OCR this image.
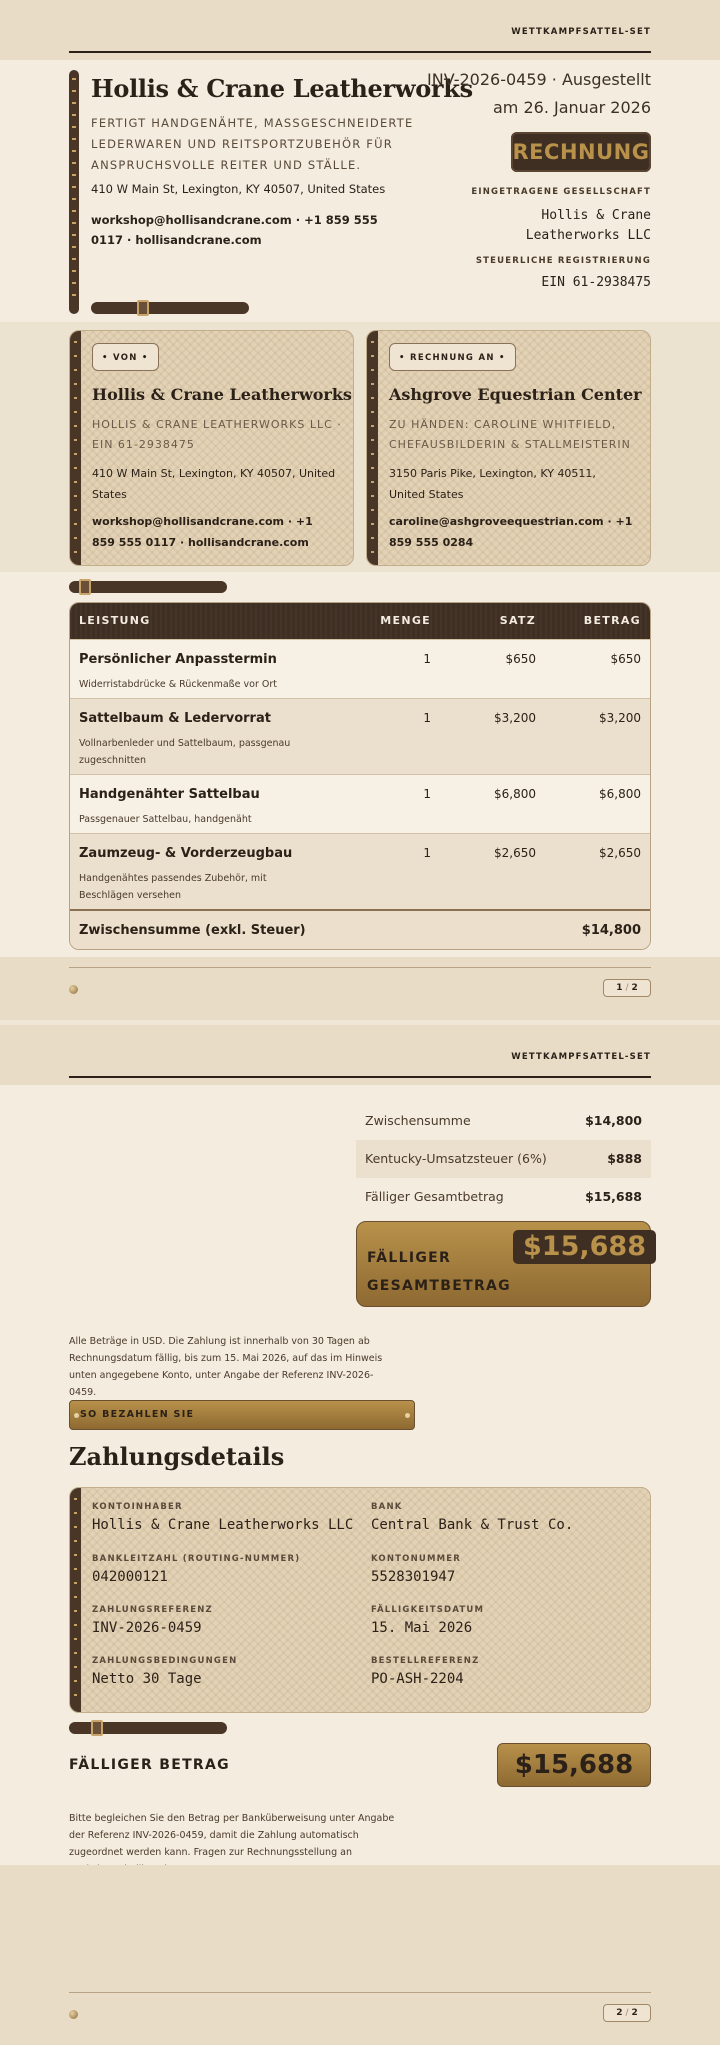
WETTKAMPFSATTEL-SET
Hollis & Crane Leatherworks
FERTIGT HANDGENÄHTE, MASSGESCHNEIDERTE LEDERWAREN UND REITSPORTZUBEHÖR FÜR ANSPRUCHSVOLLE REITER UND STÄLLE.
410 W Main St, Lexington, KY 40507, United States
workshop@hollisandcrane.com · +1 859 555 0117 · hollisandcrane.com
INV-2026-0459 · Ausgestellt
am 26. Januar 2026
RECHNUNG
EINGETRAGENE GESELLSCHAFT
Hollis & Crane Leatherworks LLC
STEUERLICHE REGISTRIERUNG
EIN 61-2938475
• VON •
Hollis & Crane Leatherworks
HOLLIS & CRANE LEATHERWORKS LLC · EIN 61-2938475
410 W Main St, Lexington, KY 40507, United States
workshop@hollisandcrane.com · +1 859 555 0117 · hollisandcrane.com
• RECHNUNG AN •
Ashgrove Equestrian Center
ZU HÄNDEN: CAROLINE WHITFIELD, CHEFAUSBILDERIN & STALLMEISTERIN
3150 Paris Pike, Lexington, KY 40511, United States
caroline@ashgroveequestrian.com · +1 859 555 0284
LEISTUNG	MENGE	SATZ	BETRAG
Persönlicher Anpasstermin
Widerristabdrücke & Rückenmaße vor Ort
1	$650	$650
Sattelbaum & Ledervorrat
Vollnarbenleder und Sattelbaum, passgenau zugeschnitten
1	$3,200	$3,200
Handgenähter Sattelbau
Passgenauer Sattelbau, handgenäht
1	$6,800	$6,800
Zaumzeug- & Vorderzeugbau
Handgenähtes passendes Zubehör, mit Beschlägen versehen
1	$2,650	$2,650
Zwischensumme (exkl. Steuer)	$14,800
1 / 2
WETTKAMPFSATTEL-SET
Zwischensumme	$14,800
Kentucky-Umsatzsteuer (6%)	$888
Fälliger Gesamtbetrag	$15,688
FÄLLIGER GESAMTBETRAG
$15,688
Alle Beträge in USD. Die Zahlung ist innerhalb von 30 Tagen ab Rechnungsdatum fällig, bis zum 15. Mai 2026, auf das im Hinweis unten angegebene Konto, unter Angabe der Referenz INV-2026-0459.
SO BEZAHLEN SIE
Zahlungsdetails
KONTOINHABER
Hollis & Crane Leatherworks LLC
BANK
Central Bank & Trust Co.
BANKLEITZAHL (ROUTING-NUMMER)
042000121
KONTONUMMER
5528301947
ZAHLUNGSREFERENZ
INV-2026-0459
FÄLLIGKEITSDATUM
15. Mai 2026
ZAHLUNGSBEDINGUNGEN
Netto 30 Tage
BESTELLREFERENZ
PO-ASH-2204
FÄLLIGER BETRAG	$15,688
Bitte begleichen Sie den Betrag per Banküberweisung unter Angabe der Referenz INV-2026-0459, damit die Zahlung automatisch zugeordnet werden kann. Fragen zur Rechnungsstellung an
2 / 2
